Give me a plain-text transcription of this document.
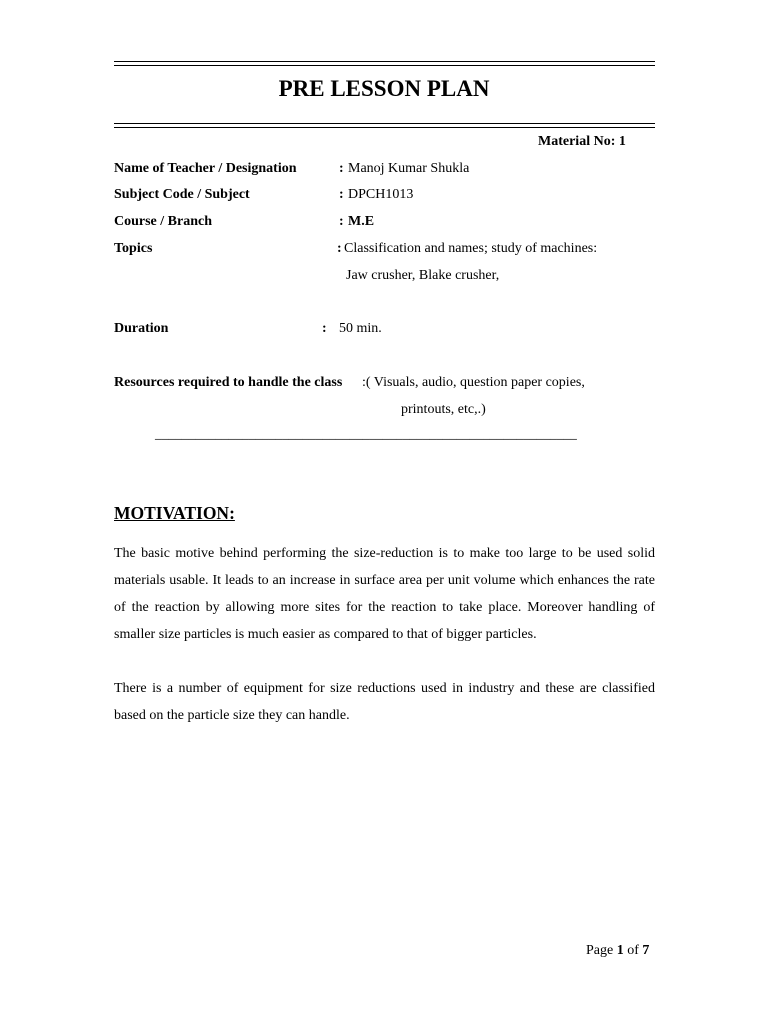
PRE LESSON PLAN
Material No: 1
Name of Teacher / Designation	: Manoj Kumar Shukla
Subject Code / Subject	: DPCH1013
Course / Branch	: M.E
Topics	: Classification and names; study of machines:
Jaw crusher, Blake crusher,
Duration	: 50 min.
Resources required to handle the class :( Visuals, audio, question paper copies,
printouts, etc,.)
_______________________________________________________________
MOTIVATION:
The basic motive behind performing the size-reduction is to make too large to be used solid materials usable. It leads to an increase in surface area per unit volume which enhances the rate of the reaction by allowing more sites for the reaction to take place. Moreover handling of smaller size particles is much easier as compared to that of bigger particles.
There is a number of equipment for size reductions used in industry and these are classified based on the particle size they can handle.
Page 1 of 7
